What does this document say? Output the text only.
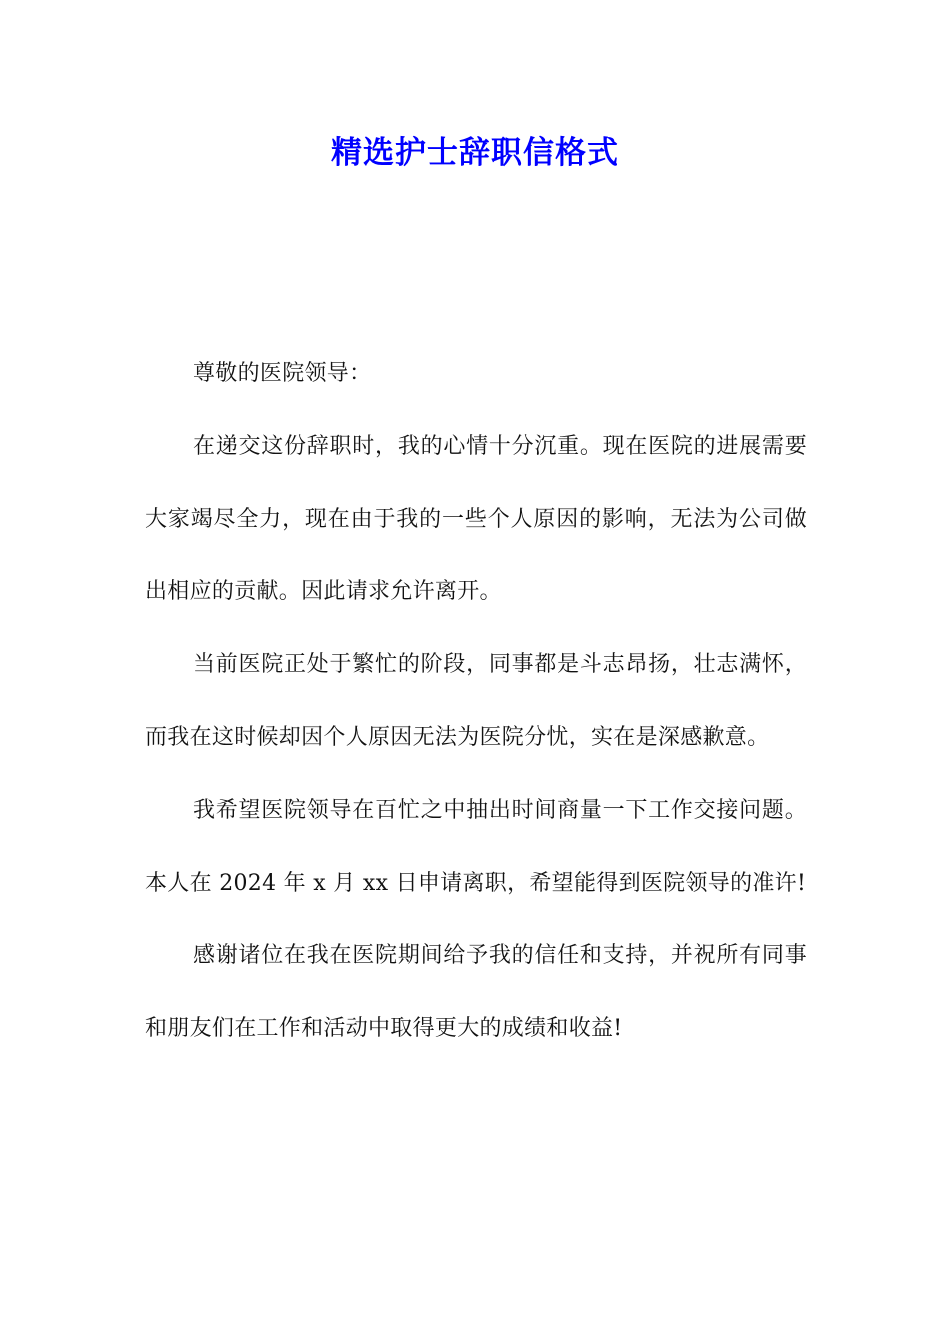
精选护士辞职信格式

尊敬的医院领导：

在递交这份辞职时，我的心情十分沉重。现在医院的进展需要大家竭尽全力，现在由于我的一些个人原因的影响，无法为公司做出相应的贡献。因此请求允许离开。

当前医院正处于繁忙的阶段，同事都是斗志昂扬，壮志满怀，而我在这时候却因个人原因无法为医院分忧，实在是深感歉意。

我希望医院领导在百忙之中抽出时间商量一下工作交接问题。本人在 2024 年 x 月 xx 日申请离职，希望能得到医院领导的准许!

感谢诸位在我在医院期间给予我的信任和支持，并祝所有同事和朋友们在工作和活动中取得更大的成绩和收益!
